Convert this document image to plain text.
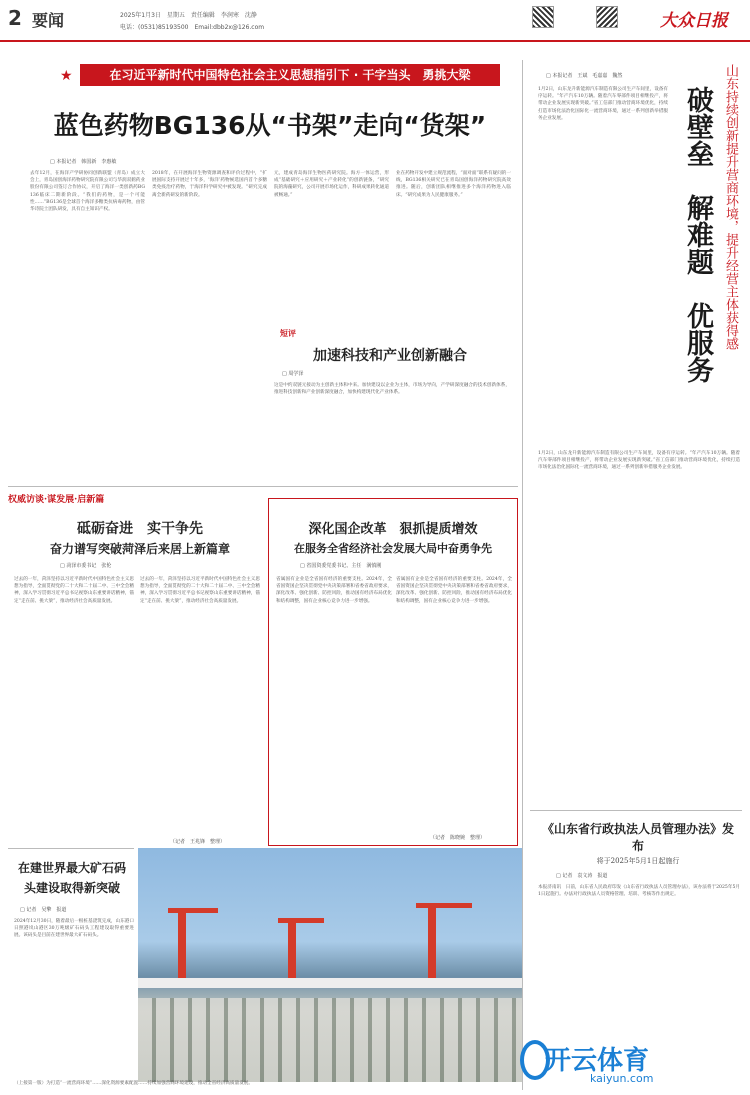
2 要闻	2025年1月3日　星期五　责任编辑　李润寒　沈静
电话：(0531)85193500　Email:dbb2x@126.com	大众日报
★	在习近平新时代中国特色社会主义思想指引下 · 干字当头　勇挑大梁
蓝色药物BG136从“书架”走向“货架”
□ 本报记者　韩国新　李惠敏
去年12月，在海洋产学研协同创新联盟（青岛）成立大会上，青岛国创海洋药物研究院有限公司与华润双鹤药业股份有限公司签订合作协议，开启了海洋一类创新药BG136临床二期新阶段。“我们的药物，是一个可能性……”BG136是全球首个海洋多糖类抗病毒药物，由管华诗院士团队研发，具有自主知识产权。
2018年，在开展海洋生物资源调查和评价过程中，“扩展国际支持开展过十年多，‘海洋’药物候选国内首个多糖类免疫治疗药物，于海洋科学研究中被发现。“研究完成离全新药研发的新阶段。
元，建成青岛海洋生物医药研究院。海方一体运营，形成“基础研究＋应用研究＋产业转化”的创新链条，“研究院的海藻研究，公司开展市场化运作，科研成果转化通道被畅通。”
业在药物开发中建立规范流程，“面对面”联系有疑问的一线，BG136相关研究已在青岛国创海洋药物研究院高效推进。随后，创新团队相继推进多个海洋药物进入临床。“研究成果为人民健康服务。”
短评
加速科技和产业创新融合
□ 周学泽
这是中约双链元接动为主创新主体和中来。加快建设以企业为主体，市场为导向，产学研深度融合的技术创新体系，推进科技创新和产业创新深度融合，加快构建现代化产业体系。
□ 本报记者　王斌　毛嘉嘉　魏然
破壁垒　解难题　优服务 山东持续创新提升营商环境，提升经营主体获得感
1月2日，山东龙升新能源汽车制造有限公司生产车间里，设备有序运转。“年产汽车10万辆。随着汽车零部件项目相继投产，将带动企业发展实现新突破。”省工信部门推动营商环境优化，持续打造市场化法治化国际化一流营商环境，通过一系列创新举措服务企业发展。
1月2日，山东龙升新能源汽车制造有限公司生产车间里，设备有序运转。“年产汽车10万辆。随着汽车零部件项目相继投产，将带动企业发展实现新突破。”省工信部门推动营商环境优化，持续打造市场化法治化国际化一流营商环境，通过一系列创新举措服务企业发展。
权威访谈·谋发展·启新篇
砥砺奋进　实干争先
奋力谱写突破菏泽后来居上新篇章
□ 菏泽市委书记　张伦
过去的一年，菏泽坚持以习近平新时代中国特色社会主义思想为指导，全面贯彻党的二十大和二十届二中、三中全会精神，深入学习贯彻习近平总书记视察山东重要讲话精神，锚定“走在前、挑大梁”，推动经济社会高质量发展。
过去的一年，菏泽坚持以习近平新时代中国特色社会主义思想为指导，全面贯彻党的二十大和二十届二中、三中全会精神，深入学习贯彻习近平总书记视察山东重要讲话精神，锚定“走在前、挑大梁”，推动经济社会高质量发展。
（记者　王兆锋　整理）
深化国企改革　狠抓提质增效
在服务全省经济社会发展大局中奋勇争先
□ 省国资委党委书记、主任　满慎刚
省属国有企业是全省国有经济的重要支柱。2024年，全省国资国企坚决贯彻党中央决策部署和省委省政府要求，深化改革、强化创新、防控风险，推动国有经济布局优化和结构调整，国有企业核心竞争力进一步增强。
省属国有企业是全省国有经济的重要支柱。2024年，全省国资国企坚决贯彻党中央决策部署和省委省政府要求，深化改革、强化创新、防控风险，推动国有经济布局优化和结构调整，国有企业核心竞争力进一步增强。
（记者　陈晓婉　整理）
在建世界最大矿石码头建设取得新突破
□ 记者　吴擎　报道
2024年12月30日，随着最后一根桩基浇筑完成，山东港口日照港岚山港区30万吨级矿石码头工程建设取得重要进展。该码头是目前在建世界最大矿石码头。
（上接第一版）为打造“一流营商环境”……深化资源要素配置……持续加强营商环境建设，推动全省经济高质量发展。
《山东省行政执法人员管理办法》发布
将于2025年5月1日起施行
□ 记者　袁文涛　报道
本报济南讯　日前，山东省人民政府印发《山东省行政执法人员管理办法》，该办法将于2025年5月1日起施行。办法对行政执法人员资格管理、培训、考核等作出规定。
开云体育
kaiyun.com
